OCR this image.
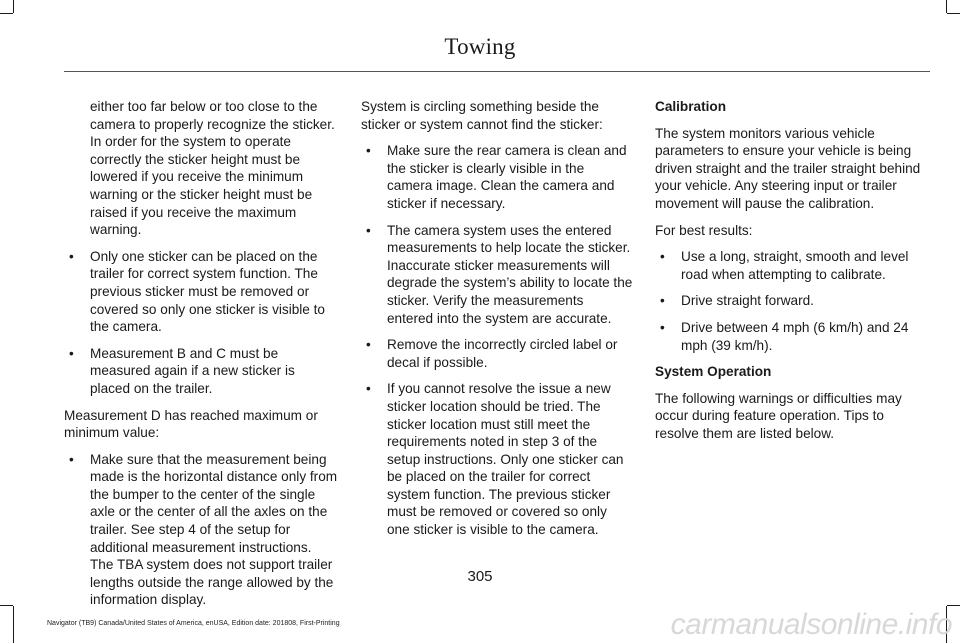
Towing

either too far below or too close to the camera to properly recognize the sticker. In order for the system to operate correctly the sticker height must be lowered if you receive the minimum warning or the sticker height must be raised if you receive the maximum warning.

• Only one sticker can be placed on the trailer for correct system function. The previous sticker must be removed or covered so only one sticker is visible to the camera.
• Measurement B and C must be measured again if a new sticker is placed on the trailer.

Measurement D has reached maximum or minimum value:

• Make sure that the measurement being made is the horizontal distance only from the bumper to the center of the single axle or the center of all the axles on the trailer. See step 4 of the setup for additional measurement instructions. The TBA system does not support trailer lengths outside the range allowed by the information display.

System is circling something beside the sticker or system cannot find the sticker:

• Make sure the rear camera is clean and the sticker is clearly visible in the camera image. Clean the camera and sticker if necessary.
• The camera system uses the entered measurements to help locate the sticker. Inaccurate sticker measurements will degrade the system’s ability to locate the sticker. Verify the measurements entered into the system are accurate.
• Remove the incorrectly circled label or decal if possible.
• If you cannot resolve the issue a new sticker location should be tried. The sticker location must still meet the requirements noted in step 3 of the setup instructions. Only one sticker can be placed on the trailer for correct system function. The previous sticker must be removed or covered so only one sticker is visible to the camera.
Calibration

The system monitors various vehicle parameters to ensure your vehicle is being driven straight and the trailer straight behind your vehicle. Any steering input or trailer movement will pause the calibration.

For best results:

• Use a long, straight, smooth and level road when attempting to calibrate.
• Drive straight forward.
• Drive between 4 mph (6 km/h) and 24 mph (39 km/h).
System Operation

The following warnings or difficulties may occur during feature operation. Tips to resolve them are listed below.

305
Navigator (TB9) Canada/United States of America, enUSA, Edition date: 201808, First-Printing	carmanualsonline.info
